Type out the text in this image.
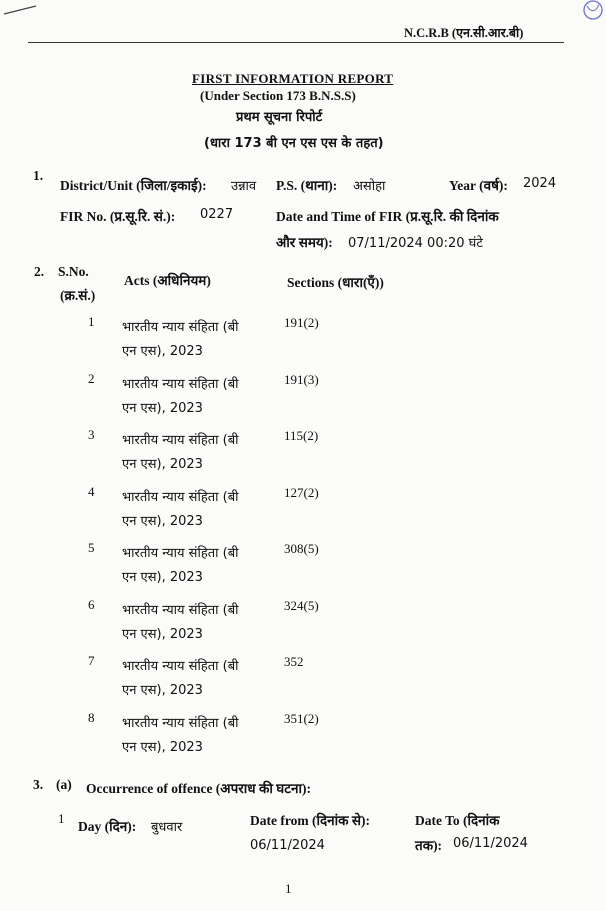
N.C.R.B (एन.सी.आर.बी)
FIRST INFORMATION REPORT
(Under Section 173 B.N.S.S)
प्रथम सूचना रिपोर्ट
(धारा 173 बी एन एस एस के तहत)
1.
District/Unit (जिला/इकाई): उन्नाव P.S. (थाना): असोहा	Year (वर्ष): 2024
FIR No. (प्र.सू.रि. सं.): 0227	Date and Time of FIR (प्र.सू.रि. की दिनांक
और समय): 07/11/2024 00:20 घंटे
2. S.No.
(क्र.सं.)
Acts (अधिनियम)	Sections (धारा(एँ))
1 भारतीय न्याय संहिता (बी
एन एस), 2023
191(2)
2 भारतीय न्याय संहिता (बी
एन एस), 2023
191(3)
3 भारतीय न्याय संहिता (बी
एन एस), 2023
115(2)
4 भारतीय न्याय संहिता (बी
एन एस), 2023
127(2)
5 भारतीय न्याय संहिता (बी
एन एस), 2023
308(5)
6 भारतीय न्याय संहिता (बी
एन एस), 2023
324(5)
7 भारतीय न्याय संहिता (बी
एन एस), 2023
352
8 भारतीय न्याय संहिता (बी
एन एस), 2023
351(2)
3. (a) Occurrence of offence (अपराध की घटना):
1
Day (दिन): बुधवार	Date from (दिनांक से):
06/11/2024
Date To (दिनांक
तक): 06/11/2024
1
